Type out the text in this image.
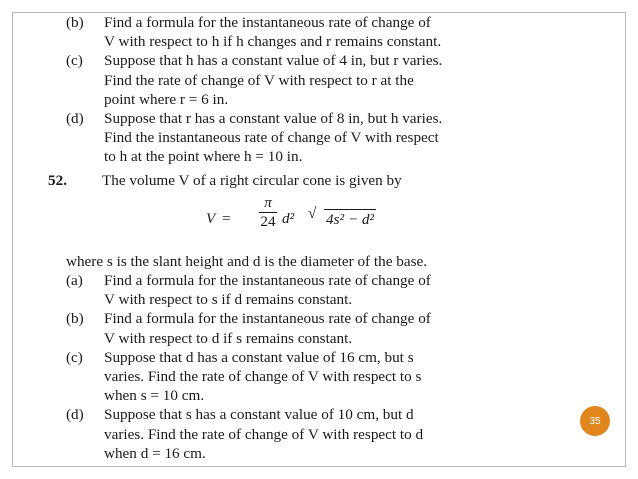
(b) Find a formula for the instantaneous rate of change of
V with respect to h if h changes and r remains constant.
(c) Suppose that h has a constant value of 4 in, but r varies.
Find the rate of change of V with respect to r at the
point where r = 6 in.
(d) Suppose that r has a constant value of 8 in, but h varies.
Find the instantaneous rate of change of V with respect
to h at the point where h = 10 in.
52. The volume V of a right circular cone is given by
V =
π
24 d² √ 4s² − d²
where s is the slant height and d is the diameter of the base.
(a) Find a formula for the instantaneous rate of change of
V with respect to s if d remains constant.
(b) Find a formula for the instantaneous rate of change of
V with respect to d if s remains constant.
(c) Suppose that d has a constant value of 16 cm, but s
varies. Find the rate of change of V with respect to s
when s = 10 cm.
(d) Suppose that s has a constant value of 10 cm, but d
varies. Find the rate of change of V with respect to d
when d = 16 cm.
35
